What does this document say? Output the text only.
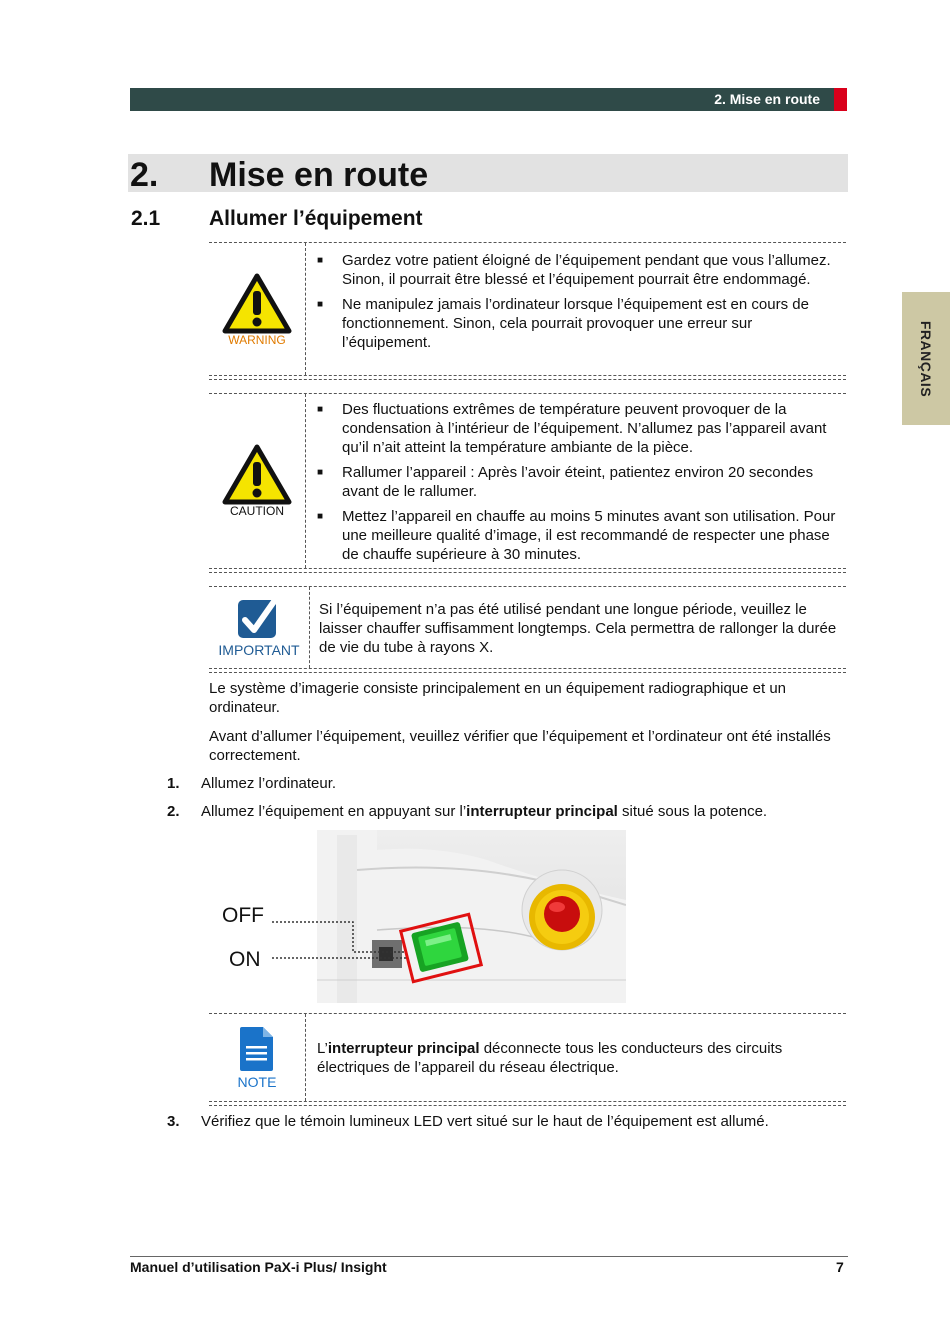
2. Mise en route
FRANÇAIS
2. Mise en route
2.1 Allumer l’équipement
WARNING
■ Gardez votre patient éloigné de l’équipement pendant que vous l’allumez. Sinon, il pourrait être blessé et l’équipement pourrait être endommagé.
■ Ne manipulez jamais l’ordinateur lorsque l’équipement est en cours de fonctionnement. Sinon, cela pourrait provoquer une erreur sur l’équipement.
CAUTION
■ Des fluctuations extrêmes de température peuvent provoquer de la condensation à l’intérieur de l’équipement. N’allumez pas l’appareil avant qu’il n’ait atteint la température ambiante de la pièce.
■ Rallumer l’appareil : Après l’avoir éteint, patientez environ 20 secondes avant de le rallumer.
■ Mettez l’appareil en chauffe au moins 5 minutes avant son utilisation. Pour une meilleure qualité d’image, il est recommandé de respecter une phase de chauffe supérieure à 30 minutes.
IMPORTANT
Si l’équipement n’a pas été utilisé pendant une longue période, veuillez le laisser chauffer suffisamment longtemps. Cela permettra de rallonger la durée de vie du tube à rayons X.
Le système d’imagerie consiste principalement en un équipement radiographique et un ordinateur.
Avant d’allumer l’équipement, veuillez vérifier que l’équipement et l’ordinateur ont été installés correctement.
1. Allumez l’ordinateur.
2. Allumez l’équipement en appuyant sur l’interrupteur principal situé sous la potence.
OFF
ON
NOTE
L’interrupteur principal déconnecte tous les conducteurs des circuits électriques de l’appareil du réseau électrique.
3. Vérifiez que le témoin lumineux LED vert situé sur le haut de l’équipement est allumé.
Manuel d’utilisation PaX-i Plus/ Insight	7
